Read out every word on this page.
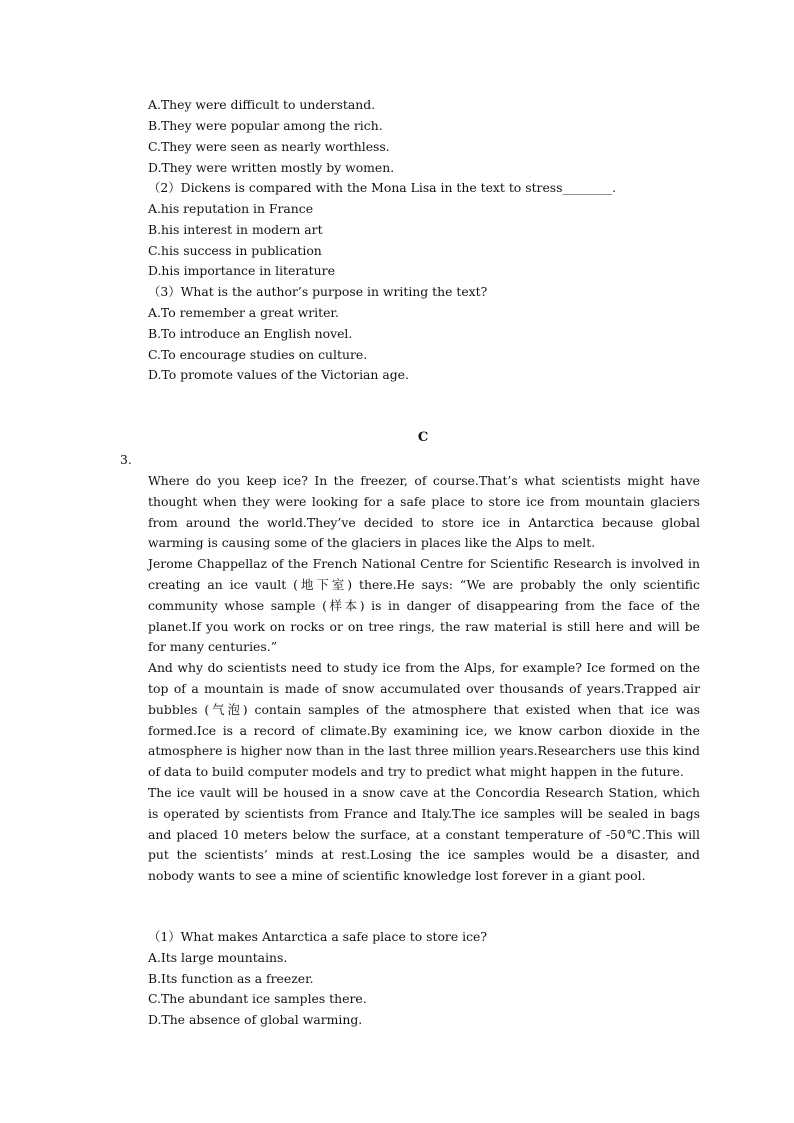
A.They were difficult to understand.
B.They were popular among the rich.
C.They were seen as nearly worthless.
D.They were written mostly by women.
（2）Dickens is compared with the Mona Lisa in the text to stress________.
A.his reputation in France
B.his interest in modern art
C.his success in publication
D.his importance in literature
（3）What is the author’s purpose in writing the text?
A.To remember a great writer.
B.To introduce an English novel.
C.To encourage studies on culture.
D.To promote values of the Victorian age.
C
3.

Where do you keep ice? In the freezer, of course.That’s what scientists might have thought when they were looking for a safe place to store ice from mountain glaciers from around the world.They’ve decided to store ice in Antarctica because global warming is causing some of the glaciers in places like the Alps to melt.

Jerome Chappellaz of the French National Centre for Scientific Research is involved in creating an ice vault (地下室) there.He says: “We are probably the only scientific community whose sample (样本) is in danger of disappearing from the face of the planet.If you work on rocks or on tree rings, the raw material is still here and will be for many centuries.”

And why do scientists need to study ice from the Alps, for example? Ice formed on the top of a mountain is made of snow accumulated over thousands of years.Trapped air bubbles (气泡) contain samples of the atmosphere that existed when that ice was formed.Ice is a record of climate.By examining ice, we know carbon dioxide in the atmosphere is higher now than in the last three million years.Researchers use this kind of data to build computer models and try to predict what might happen in the future.

The ice vault will be housed in a snow cave at the Concordia Research Station, which is operated by scientists from France and Italy.The ice samples will be sealed in bags and placed 10 meters below the surface, at a constant temperature of -50℃.This will put the scientists’ minds at rest.Losing the ice samples would be a disaster, and nobody wants to see a mine of scientific knowledge lost forever in a giant pool.

（1）What makes Antarctica a safe place to store ice?
A.Its large mountains.
B.Its function as a freezer.
C.The abundant ice samples there.
D.The absence of global warming.
